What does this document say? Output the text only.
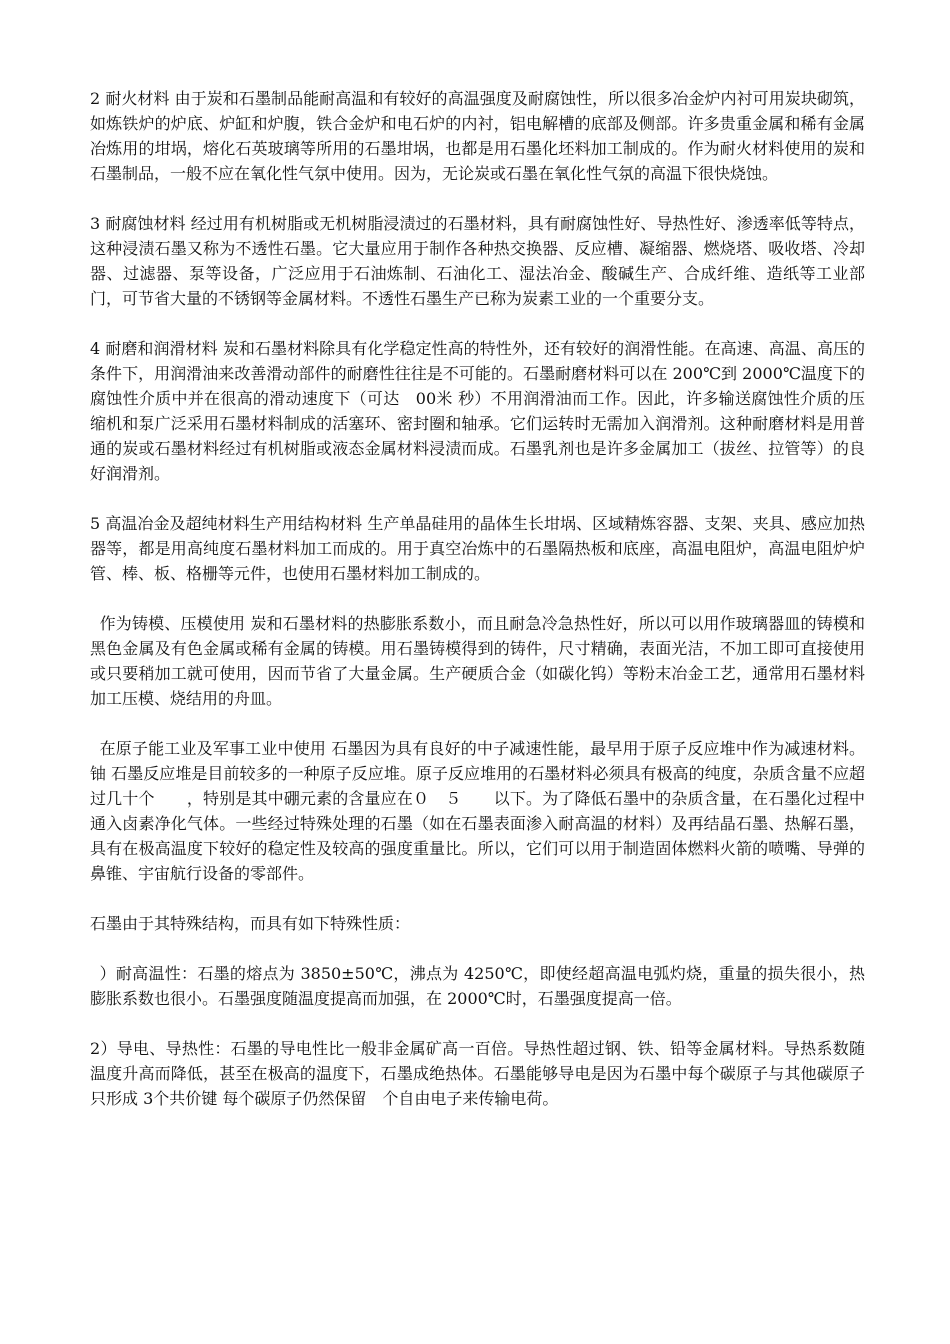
2 耐火材料 由于炭和石墨制品能耐高温和有较好的高温强度及耐腐蚀性，所以很多冶金炉内衬可用炭块砌筑，如炼铁炉的炉底、炉缸和炉腹，铁合金炉和电石炉的内衬，铝电解槽的底部及侧部。许多贵重金属和稀有金属冶炼用的坩埚，熔化石英玻璃等所用的石墨坩埚，也都是用石墨化坯料加工制成的。作为耐火材料使用的炭和石墨制品，一般不应在氧化性气氛中使用。因为，无论炭或石墨在氧化性气氛的高温下很快烧蚀。

3 耐腐蚀材料 经过用有机树脂或无机树脂浸渍过的石墨材料，具有耐腐蚀性好、导热性好、渗透率低等特点，这种浸渍石墨又称为不透性石墨。它大量应用于制作各种热交换器、反应槽、凝缩器、燃烧塔、吸收塔、冷却器、过滤器、泵等设备，广泛应用于石油炼制、石油化工、湿法冶金、酸碱生产、合成纤维、造纸等工业部门，可节省大量的不锈钢等金属材料。不透性石墨生产已称为炭素工业的一个重要分支。

4 耐磨和润滑材料 炭和石墨材料除具有化学稳定性高的特性外，还有较好的润滑性能。在高速、高温、高压的条件下，用润滑油来改善滑动部件的耐磨性往往是不可能的。石墨耐磨材料可以在 200℃到 2000℃温度下的腐蚀性介质中并在很高的滑动速度下（可达　00米 秒）不用润滑油而工作。因此，许多输送腐蚀性介质的压缩机和泵广泛采用石墨材料制成的活塞环、密封圈和轴承。它们运转时无需加入润滑剂。这种耐磨材料是用普通的炭或石墨材料经过有机树脂或液态金属材料浸渍而成。石墨乳剂也是许多金属加工（拔丝、拉管等）的良好润滑剂。

5 高温冶金及超纯材料生产用结构材料 生产单晶硅用的晶体生长坩埚、区域精炼容器、支架、夹具、感应加热器等，都是用高纯度石墨材料加工而成的。用于真空冶炼中的石墨隔热板和底座，高温电阻炉，高温电阻炉炉管、棒、板、格栅等元件，也使用石墨材料加工制成的。

作为铸模、压模使用 炭和石墨材料的热膨胀系数小，而且耐急冷急热性好，所以可以用作玻璃器皿的铸模和黑色金属及有色金属或稀有金属的铸模。用石墨铸模得到的铸件，尺寸精确，表面光洁，不加工即可直接使用或只要稍加工就可使用，因而节省了大量金属。生产硬质合金（如碳化钨）等粉末冶金工艺，通常用石墨材料加工压模、烧结用的舟皿。

在原子能工业及军事工业中使用 石墨因为具有良好的中子减速性能，最早用于原子反应堆中作为减速材料。铀 石墨反应堆是目前较多的一种原子反应堆。原子反应堆用的石墨材料必须具有极高的纯度，杂质含量不应超过几十个　　，特别是其中硼元素的含量应在０　５　　以下。为了降低石墨中的杂质含量，在石墨化过程中通入卤素净化气体。一些经过特殊处理的石墨（如在石墨表面渗入耐高温的材料）及再结晶石墨、热解石墨，具有在极高温度下较好的稳定性及较高的强度重量比。所以，它们可以用于制造固体燃料火箭的喷嘴、导弹的鼻锥、宇宙航行设备的零部件。

石墨由于其特殊结构，而具有如下特殊性质：

）耐高温性：石墨的熔点为 3850±50℃，沸点为 4250℃，即使经超高温电弧灼烧，重量的损失很小，热膨胀系数也很小。石墨强度随温度提高而加强，在 2000℃时，石墨强度提高一倍。

2）导电、导热性：石墨的导电性比一般非金属矿高一百倍。导热性超过钢、铁、铅等金属材料。导热系数随温度升高而降低，甚至在极高的温度下，石墨成绝热体。石墨能够导电是因为石墨中每个碳原子与其他碳原子只形成 3个共价键 每个碳原子仍然保留　个自由电子来传输电荷。
